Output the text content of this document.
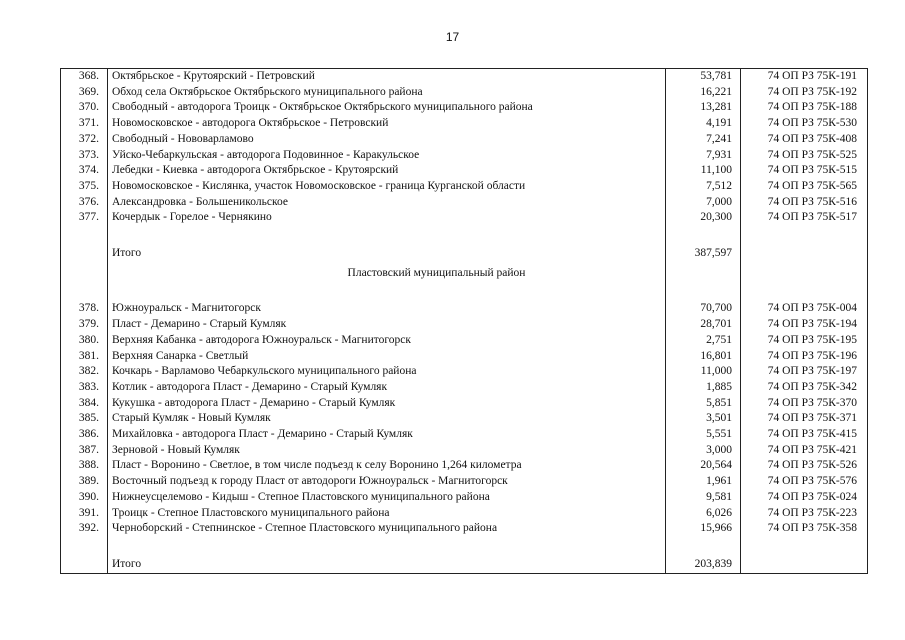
17
368.	Октябрьское - Крутоярский - Петровский	53,781	74 ОП РЗ 75К-191
369.	Обход села Октябрьское Октябрьского муниципального района	16,221	74 ОП РЗ 75К-192
370.	Свободный - автодорога Троицк - Октябрьское Октябрьского муниципального района	13,281	74 ОП РЗ 75К-188
371.	Новомосковское - автодорога Октябрьское - Петровский	4,191	74 ОП РЗ 75К-530
372.	Свободный - Нововарламово	7,241	74 ОП РЗ 75К-408
373.	Уйско-Чебаркульская - автодорога Подовинное - Каракульское	7,931	74 ОП РЗ 75К-525
374.	Лебедки - Киевка - автодорога Октябрьское - Крутоярский	11,100	74 ОП РЗ 75К-515
375.	Новомосковское - Кислянка, участок Новомосковское - граница Курганской области	7,512	74 ОП РЗ 75К-565
376.	Александровка - Большеникольское	7,000	74 ОП РЗ 75К-516
377.	Кочердык - Горелое - Чернякино	20,300	74 ОП РЗ 75К-517

	Итого	387,597	
	Пластовский муниципальный район		

378.	Южноуральск - Магнитогорск	70,700	74 ОП РЗ 75К-004
379.	Пласт - Демарино - Старый Кумляк	28,701	74 ОП РЗ 75К-194
380.	Верхняя Кабанка - автодорога Южноуральск - Магнитогорск	2,751	74 ОП РЗ 75К-195
381.	Верхняя Санарка - Светлый	16,801	74 ОП РЗ 75К-196
382.	Кочкарь - Варламово Чебаркульского муниципального района	11,000	74 ОП РЗ 75К-197
383.	Котлик - автодорога Пласт - Демарино - Старый Кумляк	1,885	74 ОП РЗ 75К-342
384.	Кукушка - автодорога Пласт - Демарино - Старый Кумляк	5,851	74 ОП РЗ 75К-370
385.	Старый Кумляк - Новый Кумляк	3,501	74 ОП РЗ 75К-371
386.	Михайловка - автодорога Пласт - Демарино - Старый Кумляк	5,551	74 ОП РЗ 75К-415
387.	Зерновой - Новый Кумляк	3,000	74 ОП РЗ 75К-421
388.	Пласт - Воронино - Светлое, в том числе подъезд к селу Воронино 1,264 километра	20,564	74 ОП РЗ 75К-526
389.	Восточный подъезд к городу Пласт от автодороги Южноуральск - Магнитогорск	1,961	74 ОП РЗ 75К-576
390.	Нижнеусцелемово - Кидыш - Степное Пластовского муниципального района	9,581	74 ОП РЗ 75К-024
391.	Троицк - Степное Пластовского муниципального района	6,026	74 ОП РЗ 75К-223
392.	Черноборский - Степнинское - Степное Пластовского муниципального района	15,966	74 ОП РЗ 75К-358

	Итого	203,839	
